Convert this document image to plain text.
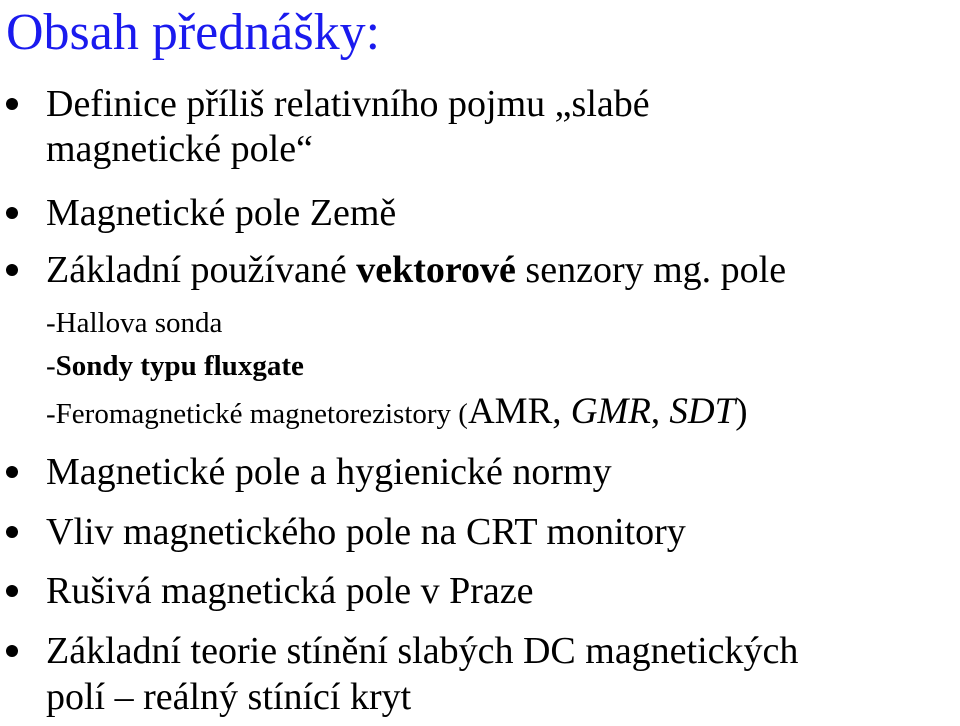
Obsah přednášky:
Definice příliš relativního pojmu „slabé
magnetické pole“
Magnetické pole Země
Základní používané vektorové senzory mg. pole
-Hallova sonda
-Sondy typu fluxgate
-Feromagnetické magnetorezistory (AMR, GMR, SDT)
Magnetické pole a hygienické normy
Vliv magnetického pole na CRT monitory
Rušivá magnetická pole v Praze
Základní teorie stínění slabých DC magnetických
polí – reálný stínící kryt
